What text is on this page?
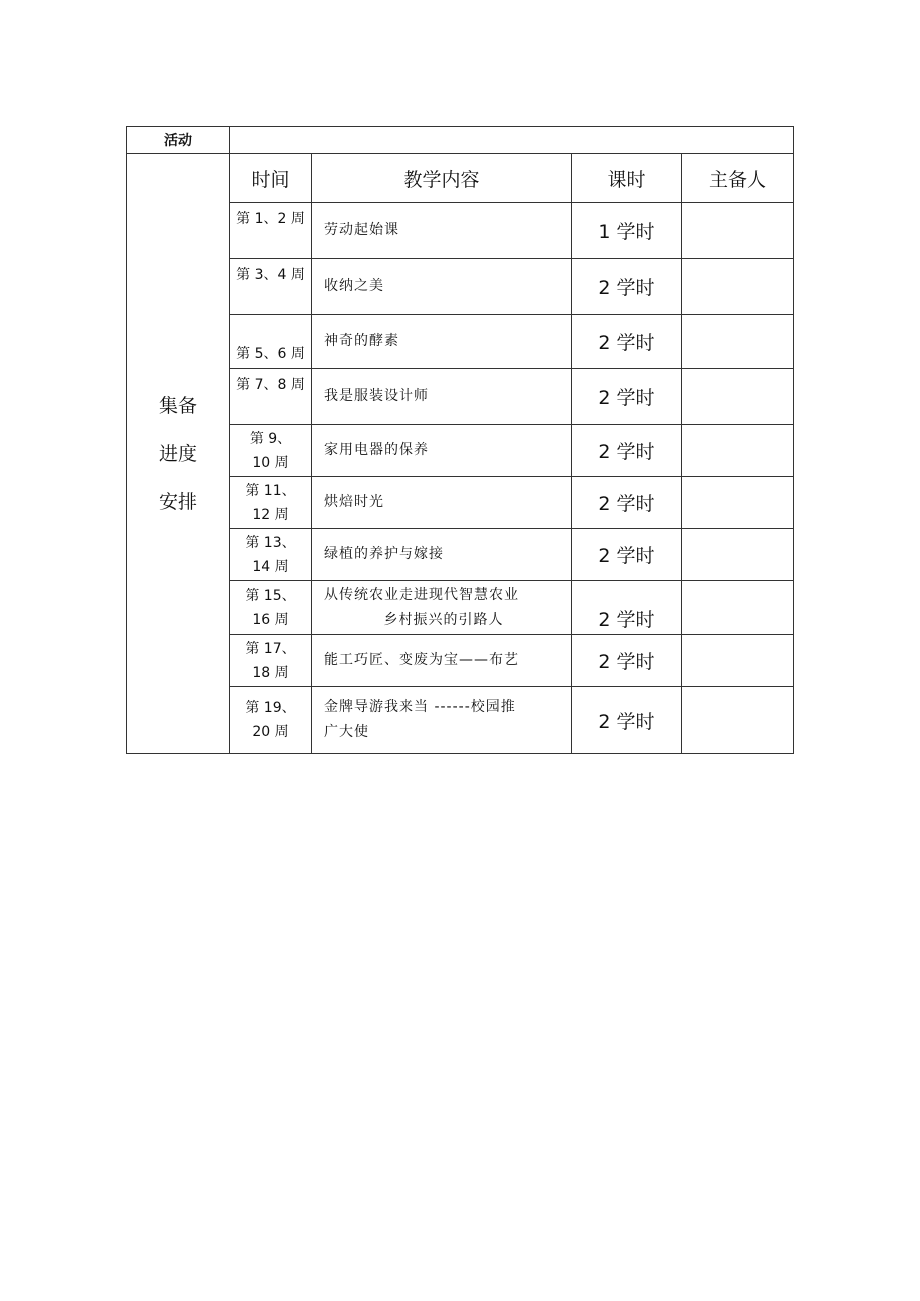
活动				

集备
进度
安排	时间	教学内容	课时	主备人
	第 1、2 周	劳动起始课	1 学时	
	第 3、4 周	收纳之美	2 学时	
	第 5、6 周	神奇的酵素	2 学时	
	第 7、8 周	我是服装设计师	2 学时	

	第 9、
10 周	家用电器的保养	2 学时	

	第 11、
12 周	烘焙时光	2 学时	

	第 13、
14 周	绿植的养护与嫁接	2 学时	

	第 15、
16 周	从传统农业走进现代智慧农业
乡村振兴的引路人	2 学时	

	第 17、
18 周	能工巧匠、变废为宝——布艺	2 学时	

	第 19、
20 周	金牌导游我来当 ------校园推
广大使	2 学时	
